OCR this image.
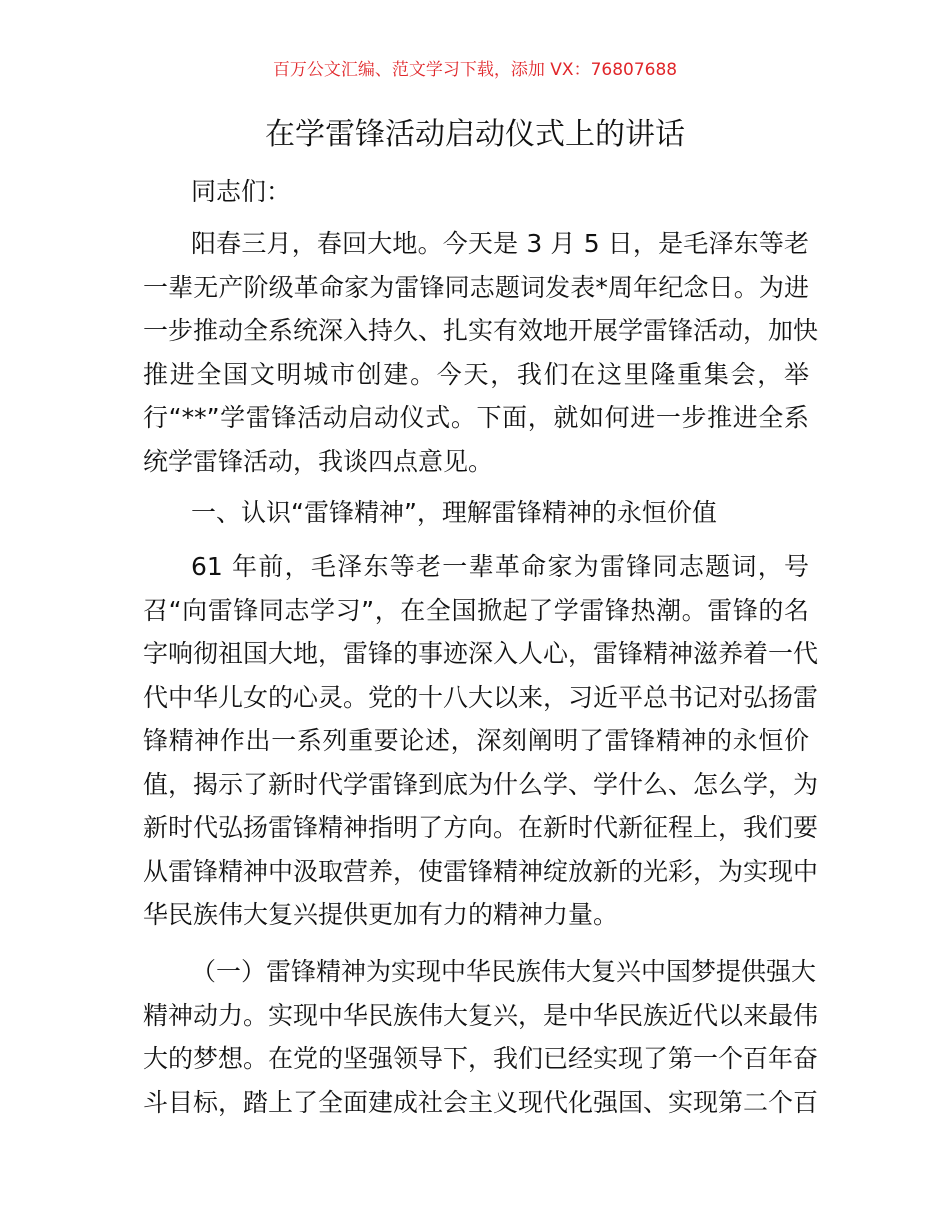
百万公文汇编、范文学习下载，添加 VX：76807688
在学雷锋活动启动仪式上的讲话
同志们：
阳春三月，春回大地。今天是 3 月 5 日，是毛泽东等老
一辈无产阶级革命家为雷锋同志题词发表*周年纪念日。为进
一步推动全系统深入持久、扎实有效地开展学雷锋活动，加快
推进全国文明城市创建。今天，我们在这里隆重集会，举
行“**”学雷锋活动启动仪式。下面，就如何进一步推进全系
统学雷锋活动，我谈四点意见。
一、认识“雷锋精神”，理解雷锋精神的永恒价值
61 年前，毛泽东等老一辈革命家为雷锋同志题词，号
召“向雷锋同志学习”，在全国掀起了学雷锋热潮。雷锋的名
字响彻祖国大地，雷锋的事迹深入人心，雷锋精神滋养着一代
代中华儿女的心灵。党的十八大以来，习近平总书记对弘扬雷
锋精神作出一系列重要论述，深刻阐明了雷锋精神的永恒价
值，揭示了新时代学雷锋到底为什么学、学什么、怎么学，为
新时代弘扬雷锋精神指明了方向。在新时代新征程上，我们要
从雷锋精神中汲取营养，使雷锋精神绽放新的光彩，为实现中
华民族伟大复兴提供更加有力的精神力量。
（一）雷锋精神为实现中华民族伟大复兴中国梦提供强大
精神动力。实现中华民族伟大复兴，是中华民族近代以来最伟
大的梦想。在党的坚强领导下，我们已经实现了第一个百年奋
斗目标，踏上了全面建成社会主义现代化强国、实现第二个百
